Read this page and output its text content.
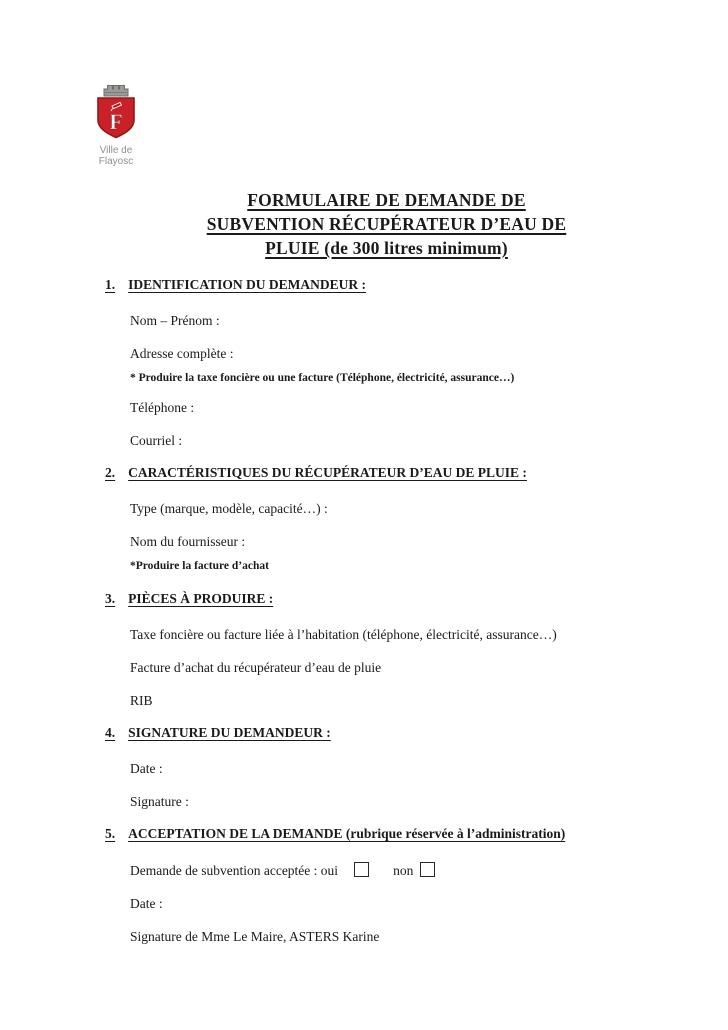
F
Ville de
Flayosc
FORMULAIRE DE DEMANDE DE
SUBVENTION RÉCUPÉRATEUR D’EAU DE
PLUIE (de 300 litres minimum)
1. IDENTIFICATION DU DEMANDEUR :
Nom – Prénom :
Adresse complète :
* Produire la taxe foncière ou une facture (Téléphone, électricité, assurance…)
Téléphone :
Courriel :
2. CARACTÉRISTIQUES DU RÉCUPÉRATEUR D’EAU DE PLUIE :
Type (marque, modèle, capacité…) :
Nom du fournisseur :
*Produire la facture d’achat
3. PIÈCES À PRODUIRE :
Taxe foncière ou facture liée à l’habitation (téléphone, électricité, assurance…)
Facture d’achat du récupérateur d’eau de pluie
RIB
4. SIGNATURE DU DEMANDEUR :
Date :
Signature :
5. ACCEPTATION DE LA DEMANDE (rubrique réservée à l’administration)
Demande de subvention acceptée : oui	non
Date :
Signature de Mme Le Maire, ASTERS Karine
